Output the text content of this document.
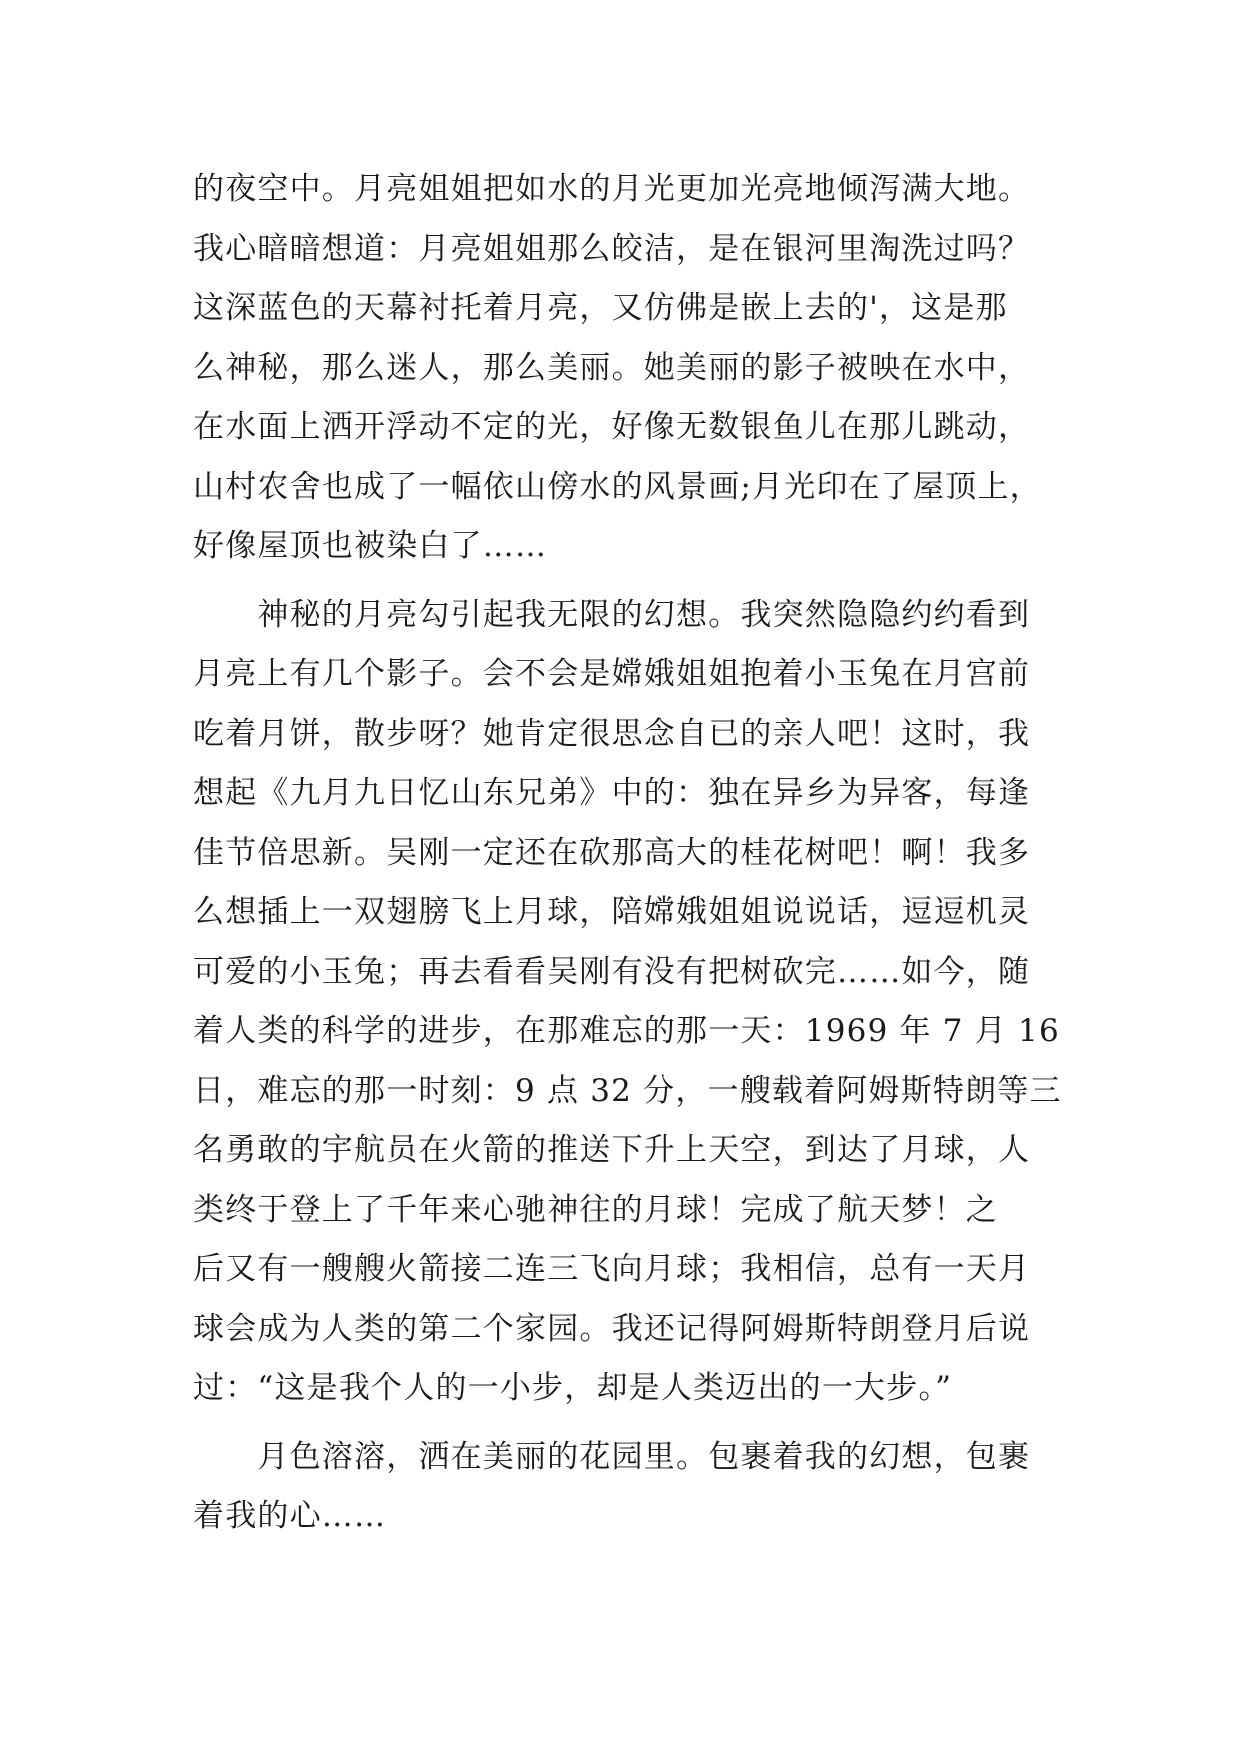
的夜空中。月亮姐姐把如水的月光更加光亮地倾泻满大地。
我心暗暗想道：月亮姐姐那么皎洁，是在银河里淘洗过吗？
这深蓝色的天幕衬托着月亮，又仿佛是嵌上去的'，这是那
么神秘，那么迷人，那么美丽。她美丽的影子被映在水中，
在水面上洒开浮动不定的光，好像无数银鱼儿在那儿跳动，
山村农舍也成了一幅依山傍水的风景画;月光印在了屋顶上，
好像屋顶也被染白了……
　　神秘的月亮勾引起我无限的幻想。我突然隐隐约约看到
月亮上有几个影子。会不会是嫦娥姐姐抱着小玉兔在月宫前
吃着月饼，散步呀？她肯定很思念自已的亲人吧！这时，我
想起《九月九日忆山东兄弟》中的：独在异乡为异客，每逢
佳节倍思新。吴刚一定还在砍那高大的桂花树吧！啊！我多
么想插上一双翅膀飞上月球，陪嫦娥姐姐说说话，逗逗机灵
可爱的小玉兔；再去看看吴刚有没有把树砍完……如今，随
着人类的科学的进步，在那难忘的那一天：1969 年 7 月 16
日，难忘的那一时刻：9 点 32 分，一艘载着阿姆斯特朗等三
名勇敢的宇航员在火箭的推送下升上天空，到达了月球，人
类终于登上了千年来心驰神往的月球！完成了航天梦！之
后又有一艘艘火箭接二连三飞向月球；我相信，总有一天月
球会成为人类的第二个家园。我还记得阿姆斯特朗登月后说
过：“这是我个人的一小步，却是人类迈出的一大步。”
　　月色溶溶，洒在美丽的花园里。包裹着我的幻想，包裹
着我的心……
